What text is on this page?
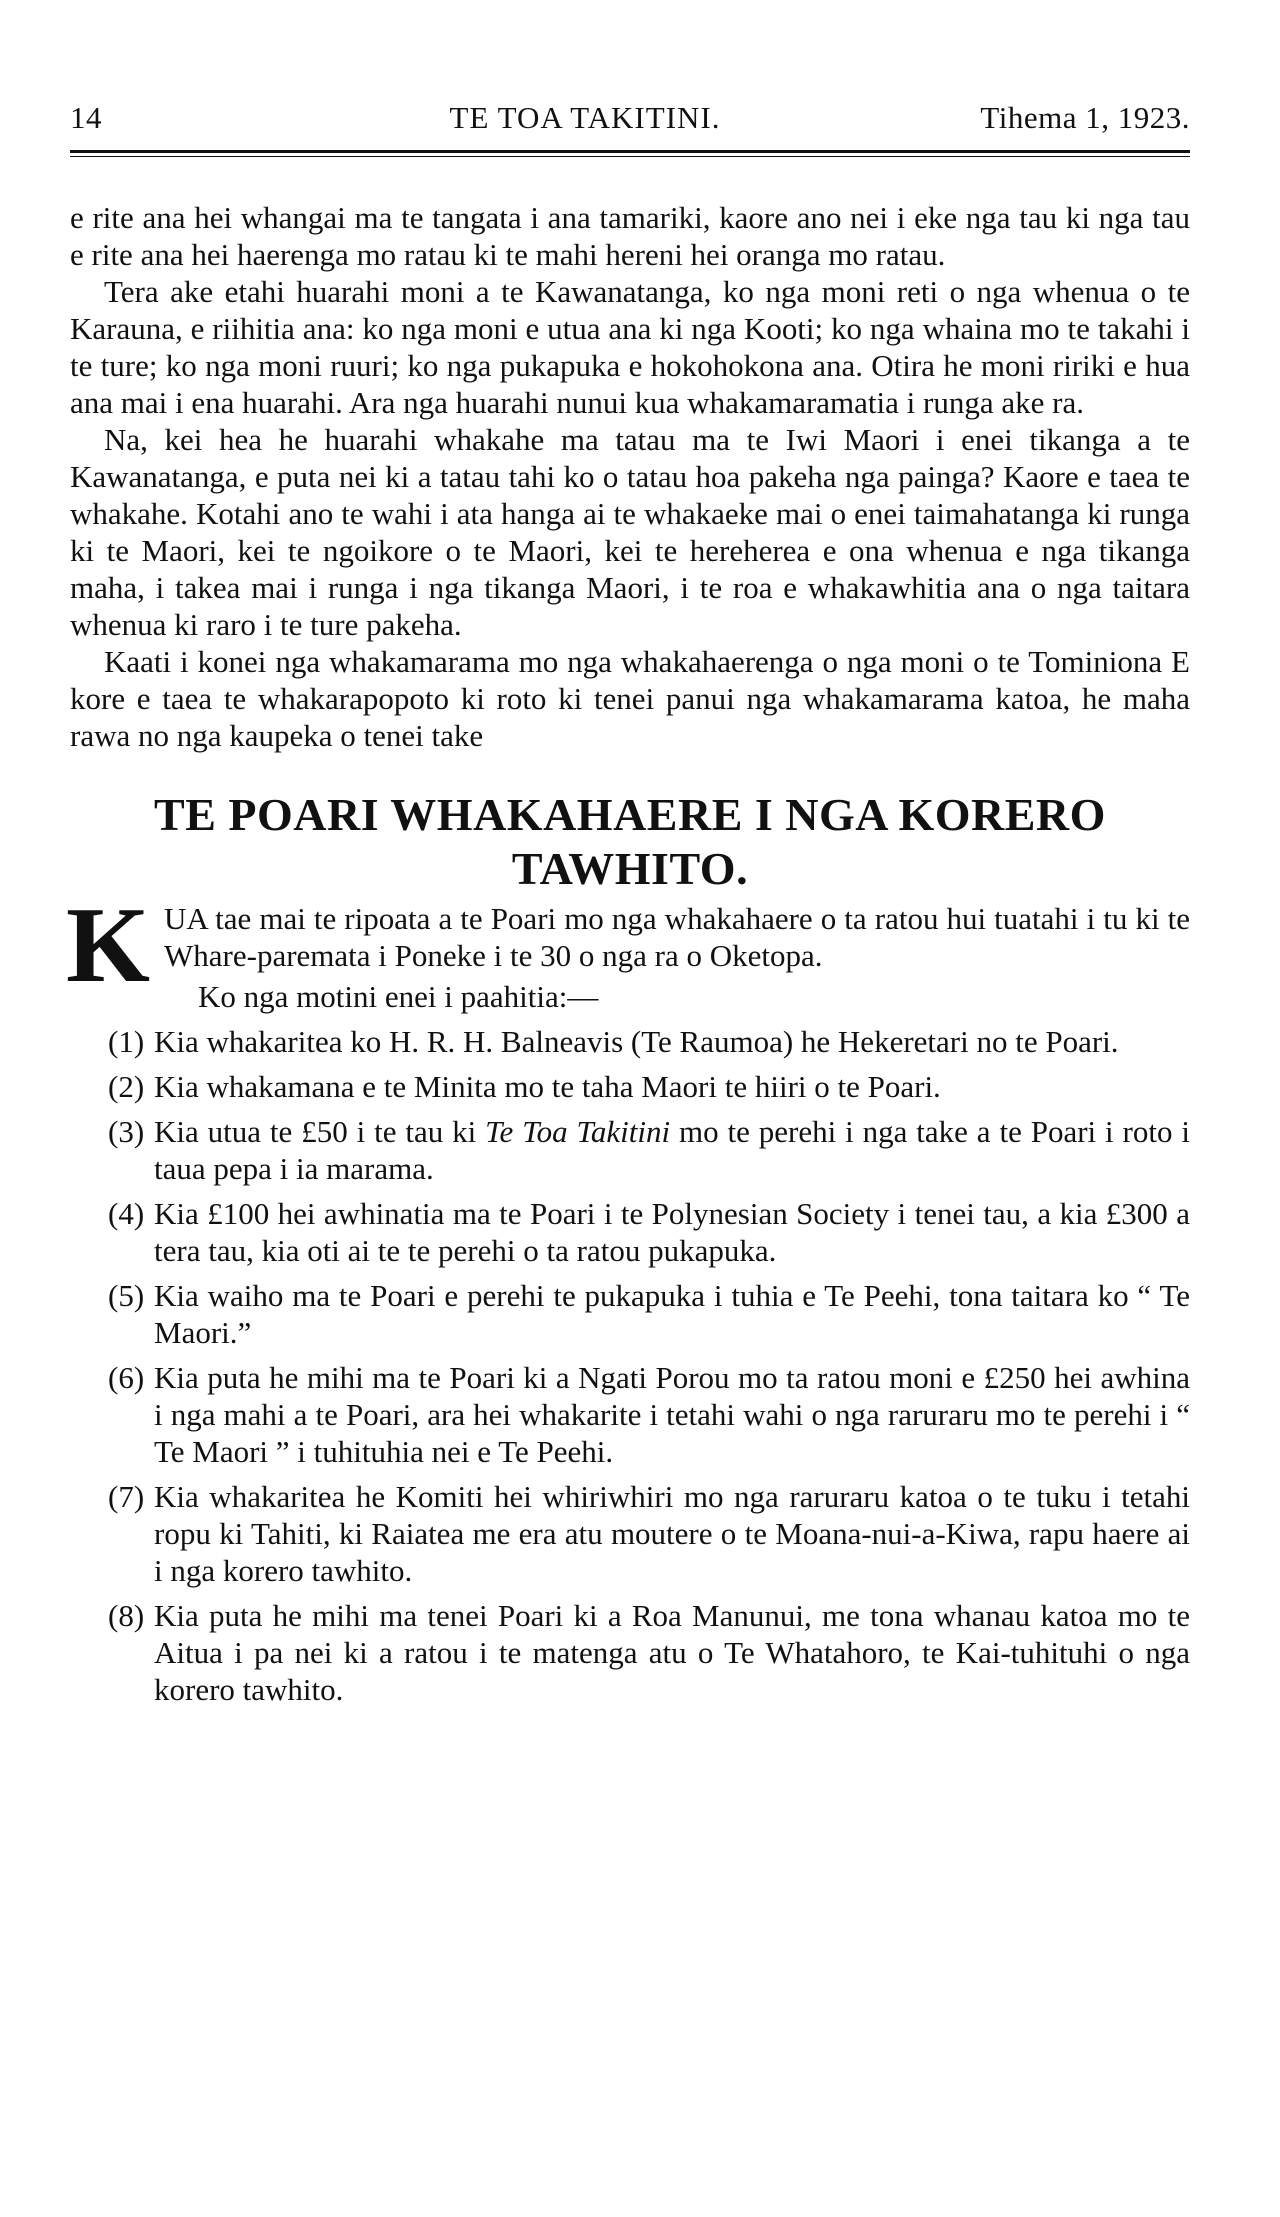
14	TE TOA TAKITINI.	Tihema 1, 1923.

e rite ana hei whangai ma te tangata i ana tamariki, kaore ano nei i eke nga tau ki nga tau e rite ana hei haerenga mo ratau ki te mahi hereni hei oranga mo ratau.

Tera ake etahi huarahi moni a te Kawanatanga, ko nga moni reti o nga whenua o te Karauna, e riihitia ana: ko nga moni e utua ana ki nga Kooti; ko nga whaina mo te takahi i te ture; ko nga moni ruuri; ko nga pukapuka e hokohokona ana. Otira he moni ririki e hua ana mai i ena huarahi. Ara nga huarahi nunui kua whakamaramatia i runga ake ra.

Na, kei hea he huarahi whakahe ma tatau ma te Iwi Maori i enei tikanga a te Kawanatanga, e puta nei ki a tatau tahi ko o tatau hoa pakeha nga painga? Kaore e taea te whakahe. Kotahi ano te wahi i ata hanga ai te whakaeke mai o enei taimahatanga ki runga ki te Maori, kei te ngoikore o te Maori, kei te hereherea e ona whenua e nga tikanga maha, i takea mai i runga i nga tikanga Maori, i te roa e whakawhitia ana o nga taitara whenua ki raro i te ture pakeha.

Kaati i konei nga whakamarama mo nga whakahaerenga o nga moni o te Tominiona E kore e taea te whakarapopoto ki roto ki tenei panui nga whakamarama katoa, he maha rawa no nga kaupeka o tenei take

TE POARI WHAKAHAERE I NGA KORERO TAWHITO.
KUA tae mai te ripoata a te Poari mo nga whakahaere o ta ratou hui tuatahi i tu ki te Whare-paremata i Poneke i te 30 o nga ra o Oketopa.
Ko nga motini enei i paahitia:—
(1) Kia whakaritea ko H. R. H. Balneavis (Te Raumoa) he Hekeretari no te Poari.
(2) Kia whakamana e te Minita mo te taha Maori te hiiri o te Poari.
(3) Kia utua te £50 i te tau ki Te Toa Takitini mo te perehi i nga take a te Poari i roto i taua pepa i ia marama.
(4) Kia £100 hei awhinatia ma te Poari i te Polynesian Society i tenei tau, a kia £300 a tera tau, kia oti ai te te perehi o ta ratou pukapuka.
(5) Kia waiho ma te Poari e perehi te pukapuka i tuhia e Te Peehi, tona taitara ko “ Te Maori.”
(6) Kia puta he mihi ma te Poari ki a Ngati Porou mo ta ratou moni e £250 hei awhina i nga mahi a te Poari, ara hei whakarite i tetahi wahi o nga raruraru mo te perehi i “ Te Maori ” i tuhituhia nei e Te Peehi.
(7) Kia whakaritea he Komiti hei whiriwhiri mo nga raruraru katoa o te tuku i tetahi ropu ki Tahiti, ki Raiatea me era atu moutere o te Moana-nui-a-Kiwa, rapu haere ai i nga korero tawhito.
(8) Kia puta he mihi ma tenei Poari ki a Roa Manunui, me tona whanau katoa mo te Aitua i pa nei ki a ratou i te matenga atu o Te Whatahoro, te Kai-tuhituhi o nga korero tawhito.
